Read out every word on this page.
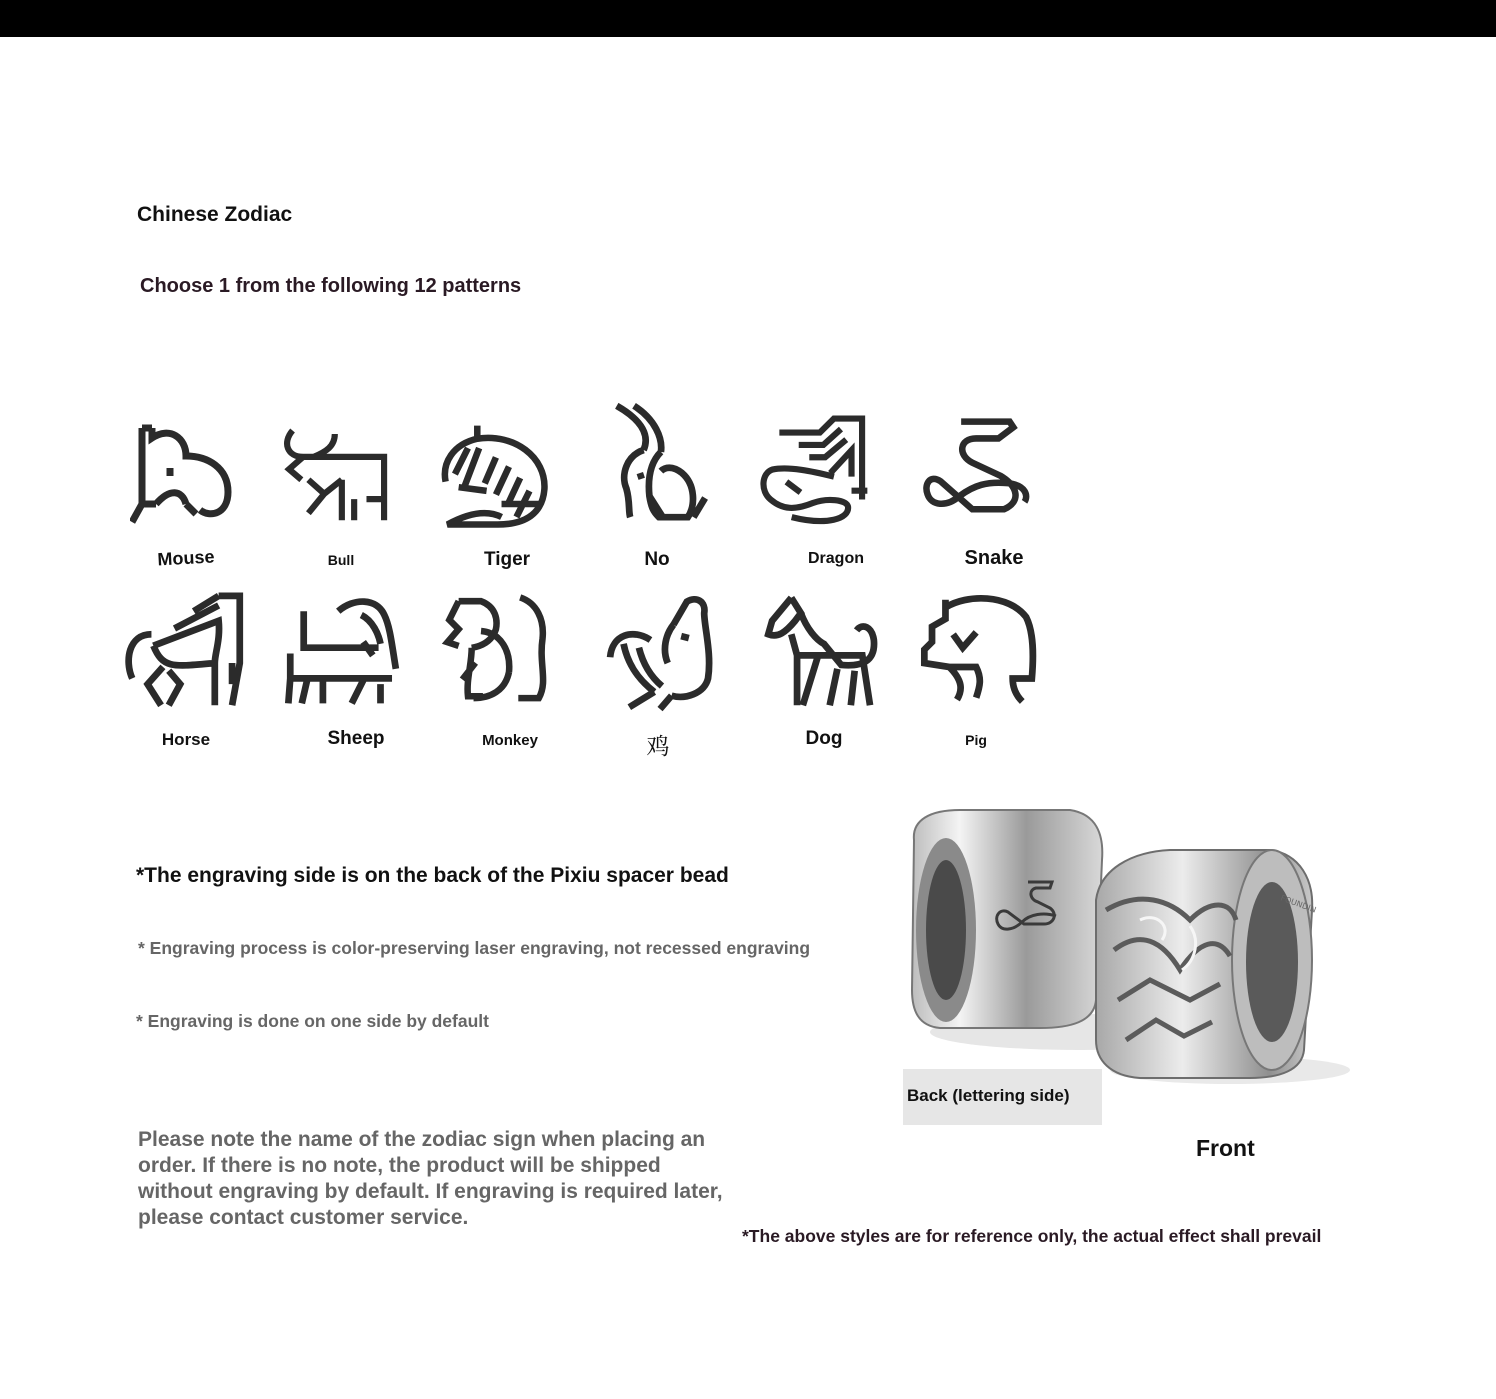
Chinese Zodiac
Choose 1 from the following 12 patterns
Mouse	Bull	Tiger	No	Dragon	Snake
Horse	Sheep	Monkey	鸡	Dog	Pig
*The engraving side is on the back of the Pixiu spacer bead
* Engraving process is color-preserving laser engraving, not recessed engraving
* Engraving is done on one side by default
Please note the name of the zodiac sign when placing an order. If there is no note, the product will be shipped without engraving by default. If engraving is required later, please contact customer service.
FOUNDIN
Back (lettering side)
Front
*The above styles are for reference only, the actual effect shall prevail
